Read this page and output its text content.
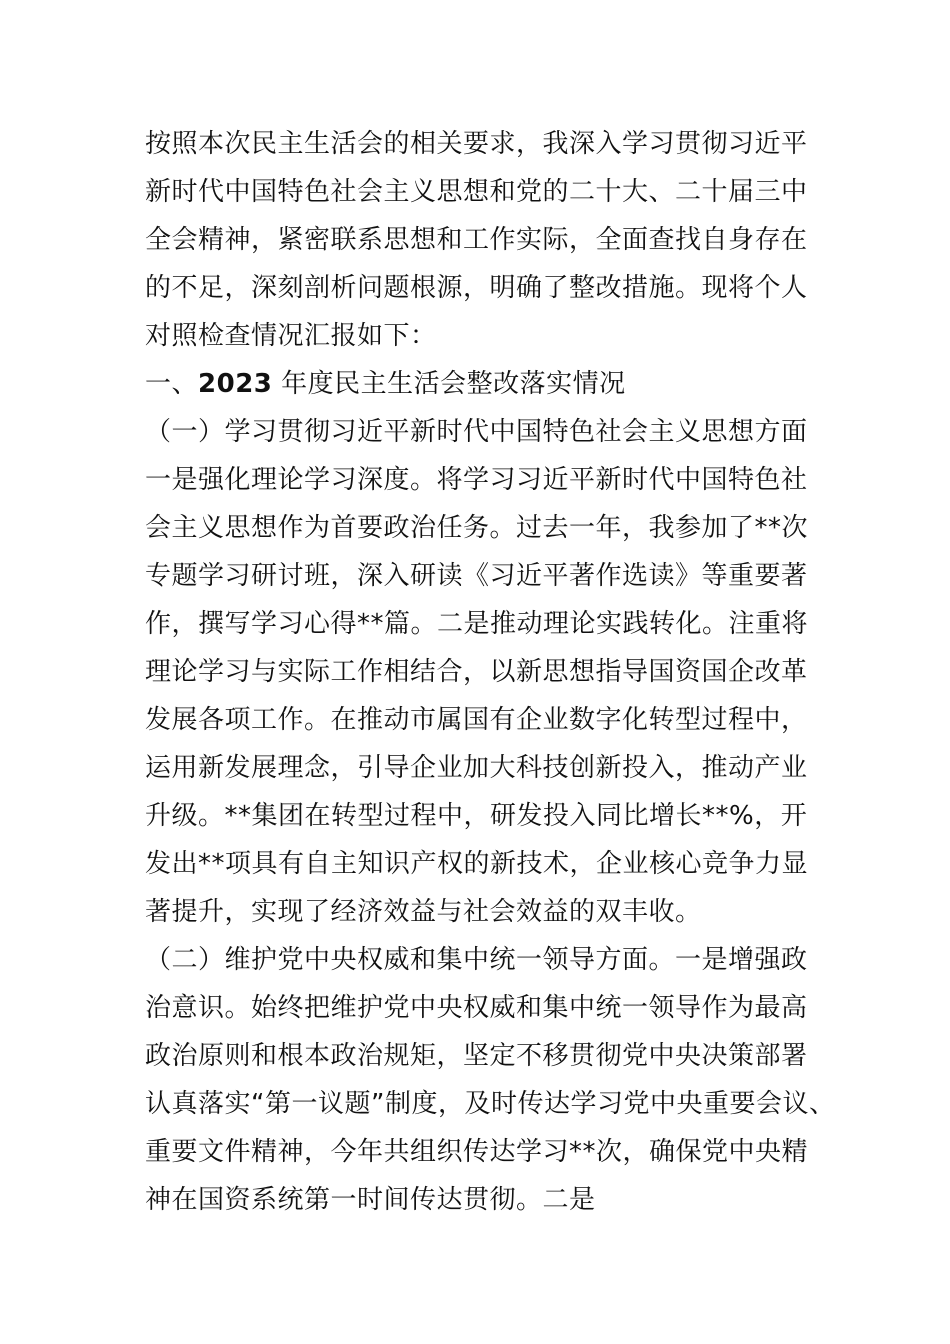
按照本次民主生活会的相关要求，我深入学习贯彻习近平
新时代中国特色社会主义思想和党的二十大、二十届三中
全会精神，紧密联系思想和工作实际，全面查找自身存在
的不足，深刻剖析问题根源，明确了整改措施。现将个人
对照检查情况汇报如下：
一、2023 年度民主生活会整改落实情况
（一）学习贯彻习近平新时代中国特色社会主义思想方面
一是强化理论学习深度。将学习习近平新时代中国特色社
会主义思想作为首要政治任务。过去一年，我参加了**次
专题学习研讨班，深入研读《习近平著作选读》等重要著
作，撰写学习心得**篇。二是推动理论实践转化。注重将
理论学习与实际工作相结合，以新思想指导国资国企改革
发展各项工作。在推动市属国有企业数字化转型过程中，
运用新发展理念，引导企业加大科技创新投入，推动产业
升级。**集团在转型过程中，研发投入同比增长**%，开
发出**项具有自主知识产权的新技术，企业核心竞争力显
著提升，实现了经济效益与社会效益的双丰收。
（二）维护党中央权威和集中统一领导方面。一是增强政
治意识。始终把维护党中央权威和集中统一领导作为最高
政治原则和根本政治规矩，坚定不移贯彻党中央决策部署
认真落实“第一议题”制度，及时传达学习党中央重要会议、
重要文件精神，今年共组织传达学习**次，确保党中央精
神在国资系统第一时间传达贯彻。二是
